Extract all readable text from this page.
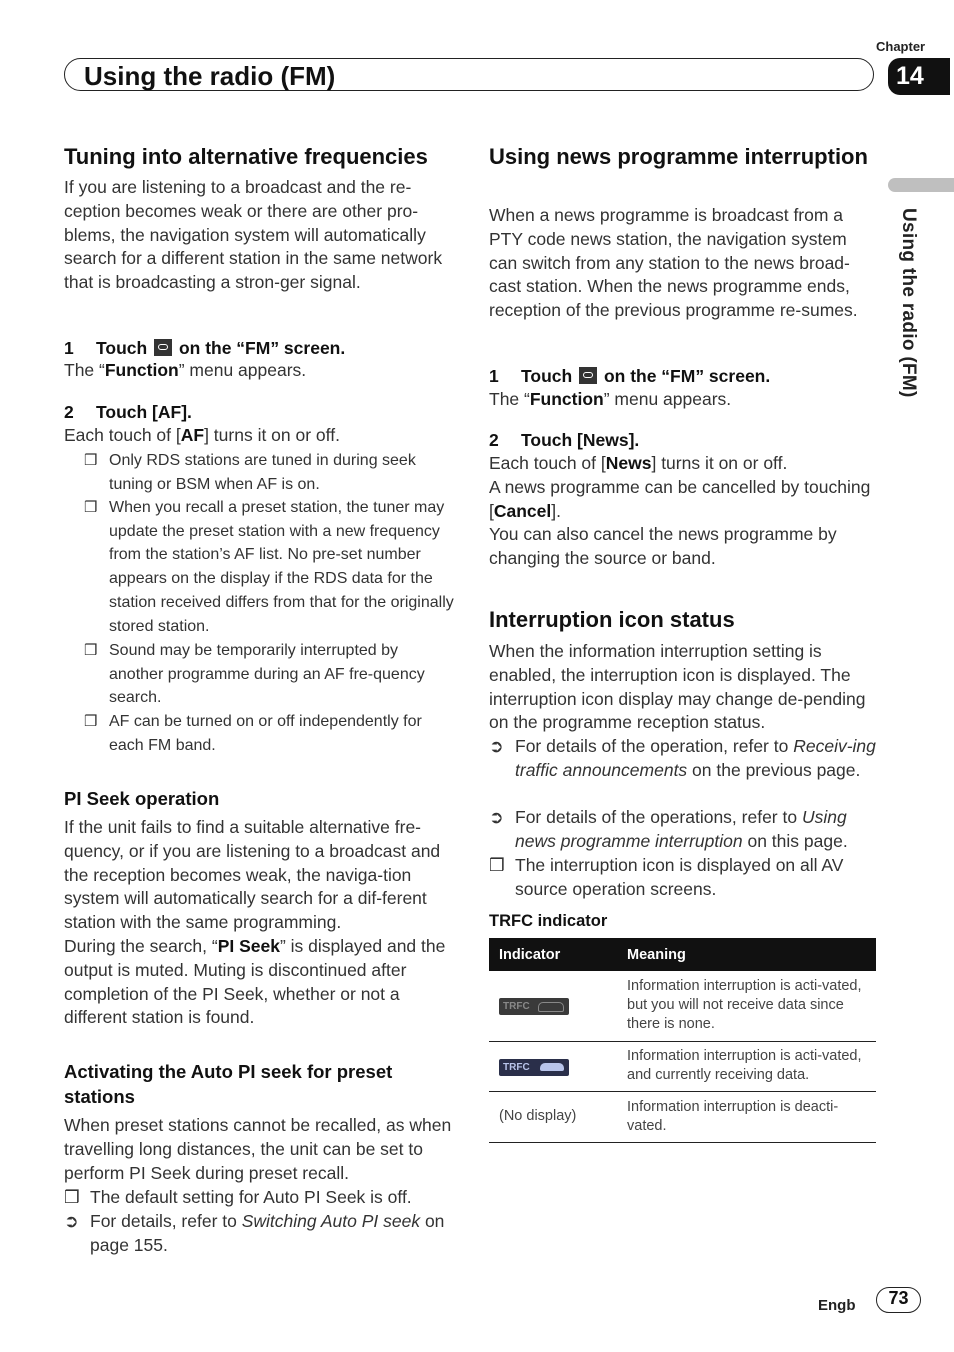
Using the radio (FM)
Chapter
14
Using the radio (FM)
Tuning into alternative frequencies

If you are listening to a broadcast and the re-ception becomes weak or there are other pro-blems, the navigation system will automatically search for a different station in the same network that is broadcasting a stron-ger signal.

1 Touch on the “FM” screen.

The “Function” menu appears.

2 Touch [AF].

Each touch of [AF] turns it on or off.

❒ Only RDS stations are tuned in during seek tuning or BSM when AF is on.
❒ When you recall a preset station, the tuner may update the preset station with a new frequency from the station’s AF list. No pre-set number appears on the display if the RDS data for the station received differs from that for the originally stored station.
❒ Sound may be temporarily interrupted by another programme during an AF fre-quency search.
❒ AF can be turned on or off independently for each FM band.
PI Seek operation

If the unit fails to find a suitable alternative fre-quency, or if you are listening to a broadcast and the reception becomes weak, the naviga-tion system will automatically search for a dif-ferent station with the same programming.

During the search, “PI Seek” is displayed and the output is muted. Muting is discontinued after completion of the PI Seek, whether or not a different station is found.

Activating the Auto PI seek for preset stations

When preset stations cannot be recalled, as when travelling long distances, the unit can be set to perform PI Seek during preset recall.

❒ The default setting for Auto PI Seek is off.
➲ For details, refer to Switching Auto PI seek on page 155.
Using news programme interruption

When a news programme is broadcast from a PTY code news station, the navigation system can switch from any station to the news broad-cast station. When the news programme ends, reception of the previous programme re-sumes.

1 Touch on the “FM” screen.

The “Function” menu appears.

2 Touch [News].

Each touch of [News] turns it on or off.

A news programme can be cancelled by touching [Cancel].

You can also cancel the news programme by changing the source or band.

Interruption icon status

When the information interruption setting is enabled, the interruption icon is displayed. The interruption icon display may change de-pending on the programme reception status.

➲ For details of the operation, refer to Receiv-ing traffic announcements on the previous page.
➲ For details of the operations, refer to Using news programme interruption on this page.
❒ The interruption icon is displayed on all AV source operation screens.
TRFC indicator
Indicator	Meaning
TRFC	Information interruption is acti-vated, but you will not receive data since there is none.
TRFC	Information interruption is acti-vated, and currently receiving data.
(No display)	Information interruption is deacti-vated.
Engb	73
